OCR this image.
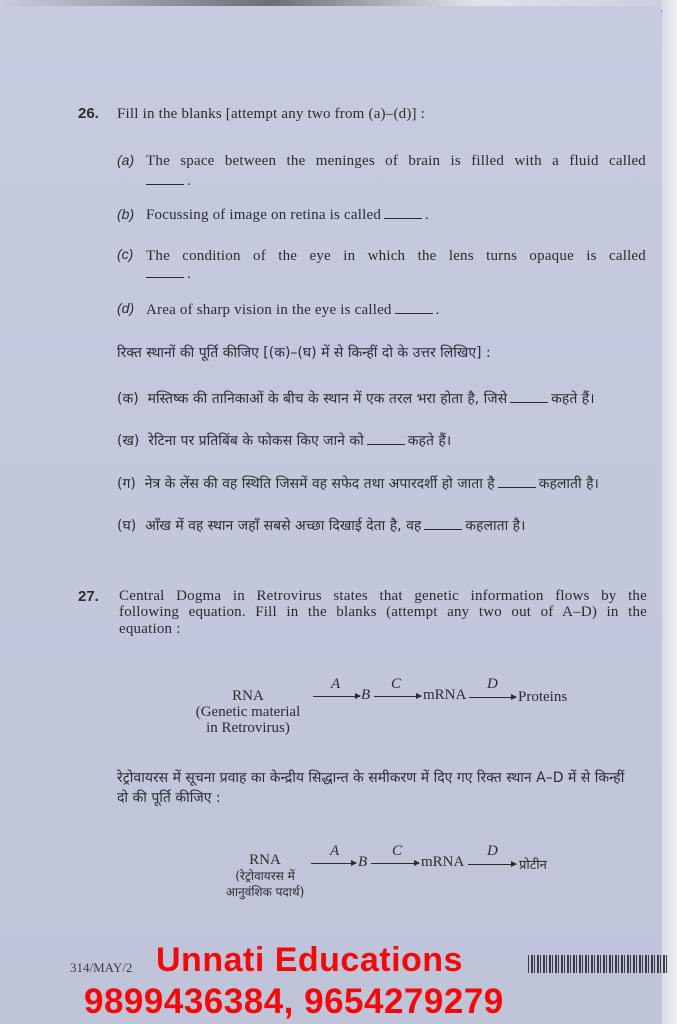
26. Fill in the blanks [attempt any two from (a)–(d)] :
(a) The space between the meninges of brain is filled with a fluid called
.
(b) Focussing of image on retina is called	.
(c) The condition of the eye in which the lens turns opaque is called
.
(d) Area of sharp vision in the eye is called	.
रिक्त स्थानों की पूर्ति कीजिए [(क)–(घ) में से किन्हीं दो के उत्तर लिखिए] :
(क) मस्तिष्क की तानिकाओं के बीच के स्थान में एक तरल भरा होता है, जिसे	कहते हैं।
(ख) रेटिना पर प्रतिबिंब के फोकस किए जाने को	कहते हैं।
(ग) नेत्र के लेंस की वह स्थिति जिसमें वह सफेद तथा अपारदर्शी हो जाता है	कहलाती है।
(घ) आँख में वह स्थान जहाँ सबसे अच्छा दिखाई देता है, वह	कहलाता है।
27. Central Dogma in Retrovirus states that genetic information flows by the
following equation. Fill in the blanks (attempt any two out of A–D) in the
equation :
RNA
(Genetic material
in Retrovirus)
A
B
C
mRNA
D
Proteins
रेट्रोवायरस में सूचना प्रवाह का केन्द्रीय सिद्धान्त के समीकरण में दिए गए रिक्त स्थान A–D में से किन्हीं
दो की पूर्ति कीजिए :
RNA
(रेट्रोवायरस में
आनुवंशिक पदार्थ)
A
B
C
mRNA
D
प्रोटीन
314/MAY/2 Unnati Educations
9899436384, 9654279279
